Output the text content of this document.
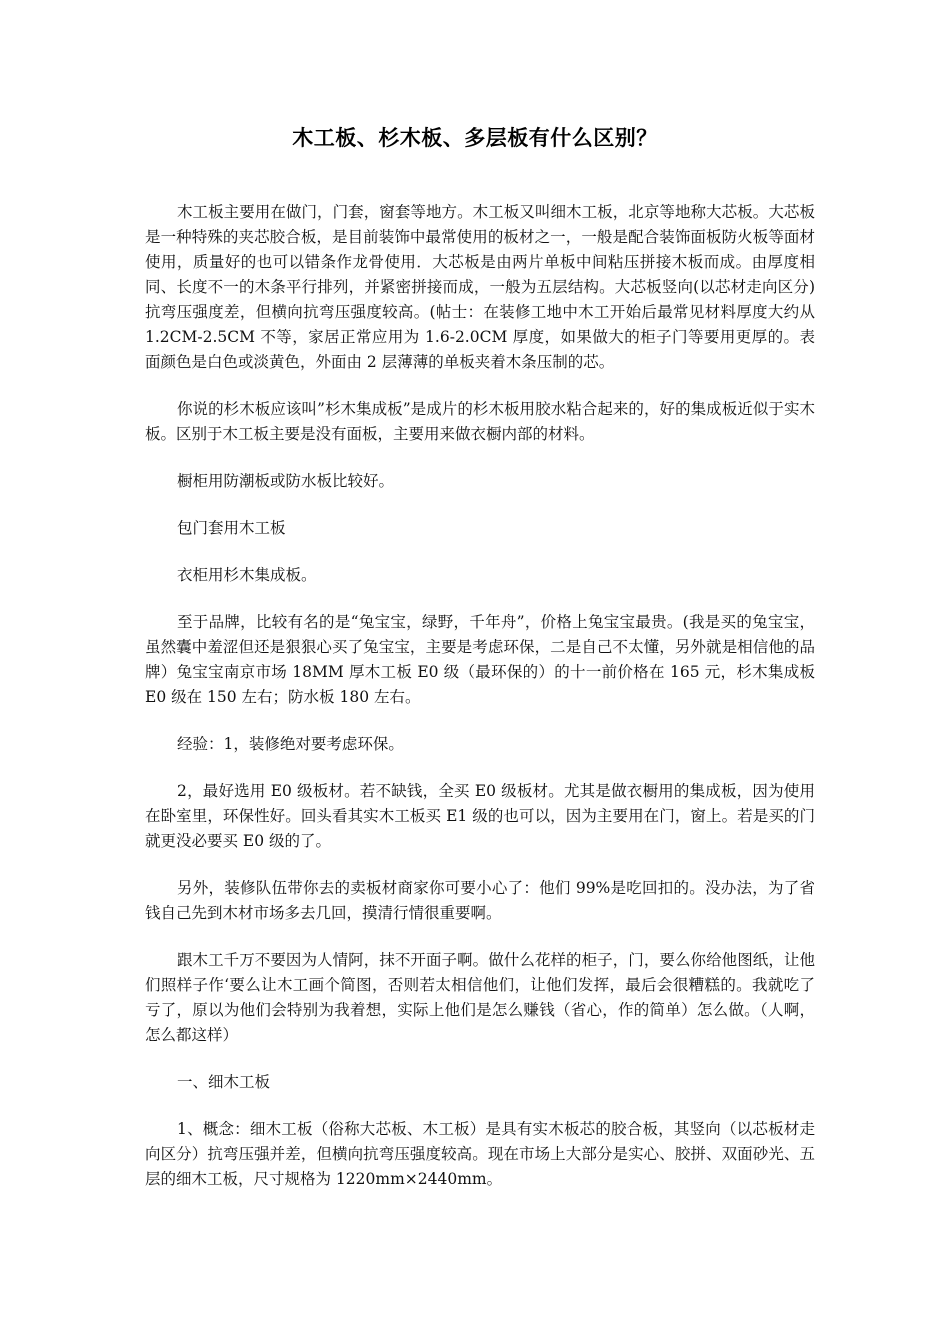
木工板、杉木板、多层板有什么区别？

木工板主要用在做门，门套，窗套等地方。木工板又叫细木工板，北京等地称大芯板。大芯板是一种特殊的夹芯胶合板，是目前装饰中最常使用的板材之一，一般是配合装饰面板防火板等面材使用，质量好的也可以错条作龙骨使用．大芯板是由两片单板中间粘压拼接木板而成。由厚度相同、长度不一的木条平行排列，并紧密拼接而成，一般为五层结构。大芯板竖向(以芯材走向区分)抗弯压强度差，但横向抗弯压强度较高。(帖士：在装修工地中木工开始后最常见材料厚度大约从 1.2CM-2.5CM 不等，家居正常应用为 1.6-2.0CM 厚度，如果做大的柜子门等要用更厚的。表面颜色是白色或淡黄色，外面由 2 层薄薄的单板夹着木条压制的芯。

你说的杉木板应该叫”杉木集成板”是成片的杉木板用胶水粘合起来的，好的集成板近似于实木板。区别于木工板主要是没有面板，主要用来做衣橱内部的材料。

橱柜用防潮板或防水板比较好。

包门套用木工板

衣柜用杉木集成板。

至于品牌，比较有名的是“兔宝宝，绿野，千年舟”，价格上兔宝宝最贵。(我是买的兔宝宝，虽然囊中羞涩但还是狠狠心买了兔宝宝，主要是考虑环保，二是自己不太懂，另外就是相信他的品牌）兔宝宝南京市场 18MM 厚木工板 E0 级（最环保的）的十一前价格在 165 元，杉木集成板 E0 级在 150 左右；防水板 180 左右。

经验：1，装修绝对要考虑环保。

2，最好选用 E0 级板材。若不缺钱，全买 E0 级板材。尤其是做衣橱用的集成板，因为使用在卧室里，环保性好。回头看其实木工板买 E1 级的也可以，因为主要用在门，窗上。若是买的门就更没必要买 E0 级的了。

另外，装修队伍带你去的卖板材商家你可要小心了：他们 99%是吃回扣的。没办法，为了省钱自己先到木材市场多去几回，摸清行情很重要啊。

跟木工千万不要因为人情阿，抹不开面子啊。做什么花样的柜子，门，要么你给他图纸，让他们照样子作‘要么让木工画个简图，否则若太相信他们，让他们发挥，最后会很糟糕的。我就吃了亏了，原以为他们会特别为我着想，实际上他们是怎么赚钱（省心，作的简单）怎么做。（人啊，怎么都这样）

一、细木工板

1、概念：细木工板（俗称大芯板、木工板）是具有实木板芯的胶合板，其竖向（以芯板材走向区分）抗弯压强并差，但横向抗弯压强度较高。现在市场上大部分是实心、胶拼、双面砂光、五层的细木工板，尺寸规格为 1220mm×2440mm。
